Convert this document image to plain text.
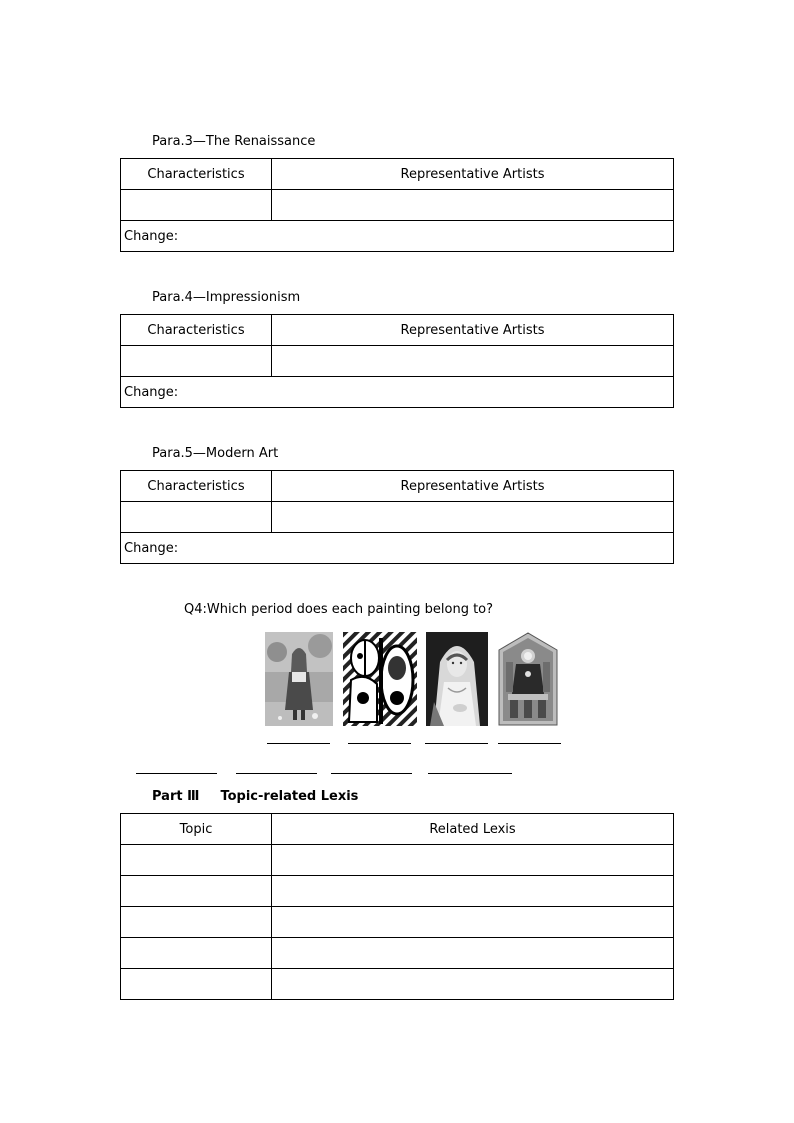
Para.3—The Renaissance
Characteristics	Representative Artists

Change:	
Para.4—Impressionism
Characteristics	Representative Artists

Change:	
Para.5—Modern Art
Characteristics	Representative Artists

Change:	
Q4:Which period does each painting belong to?
Part Ⅲ Topic-related Lexis
Topic	Related Lexis
